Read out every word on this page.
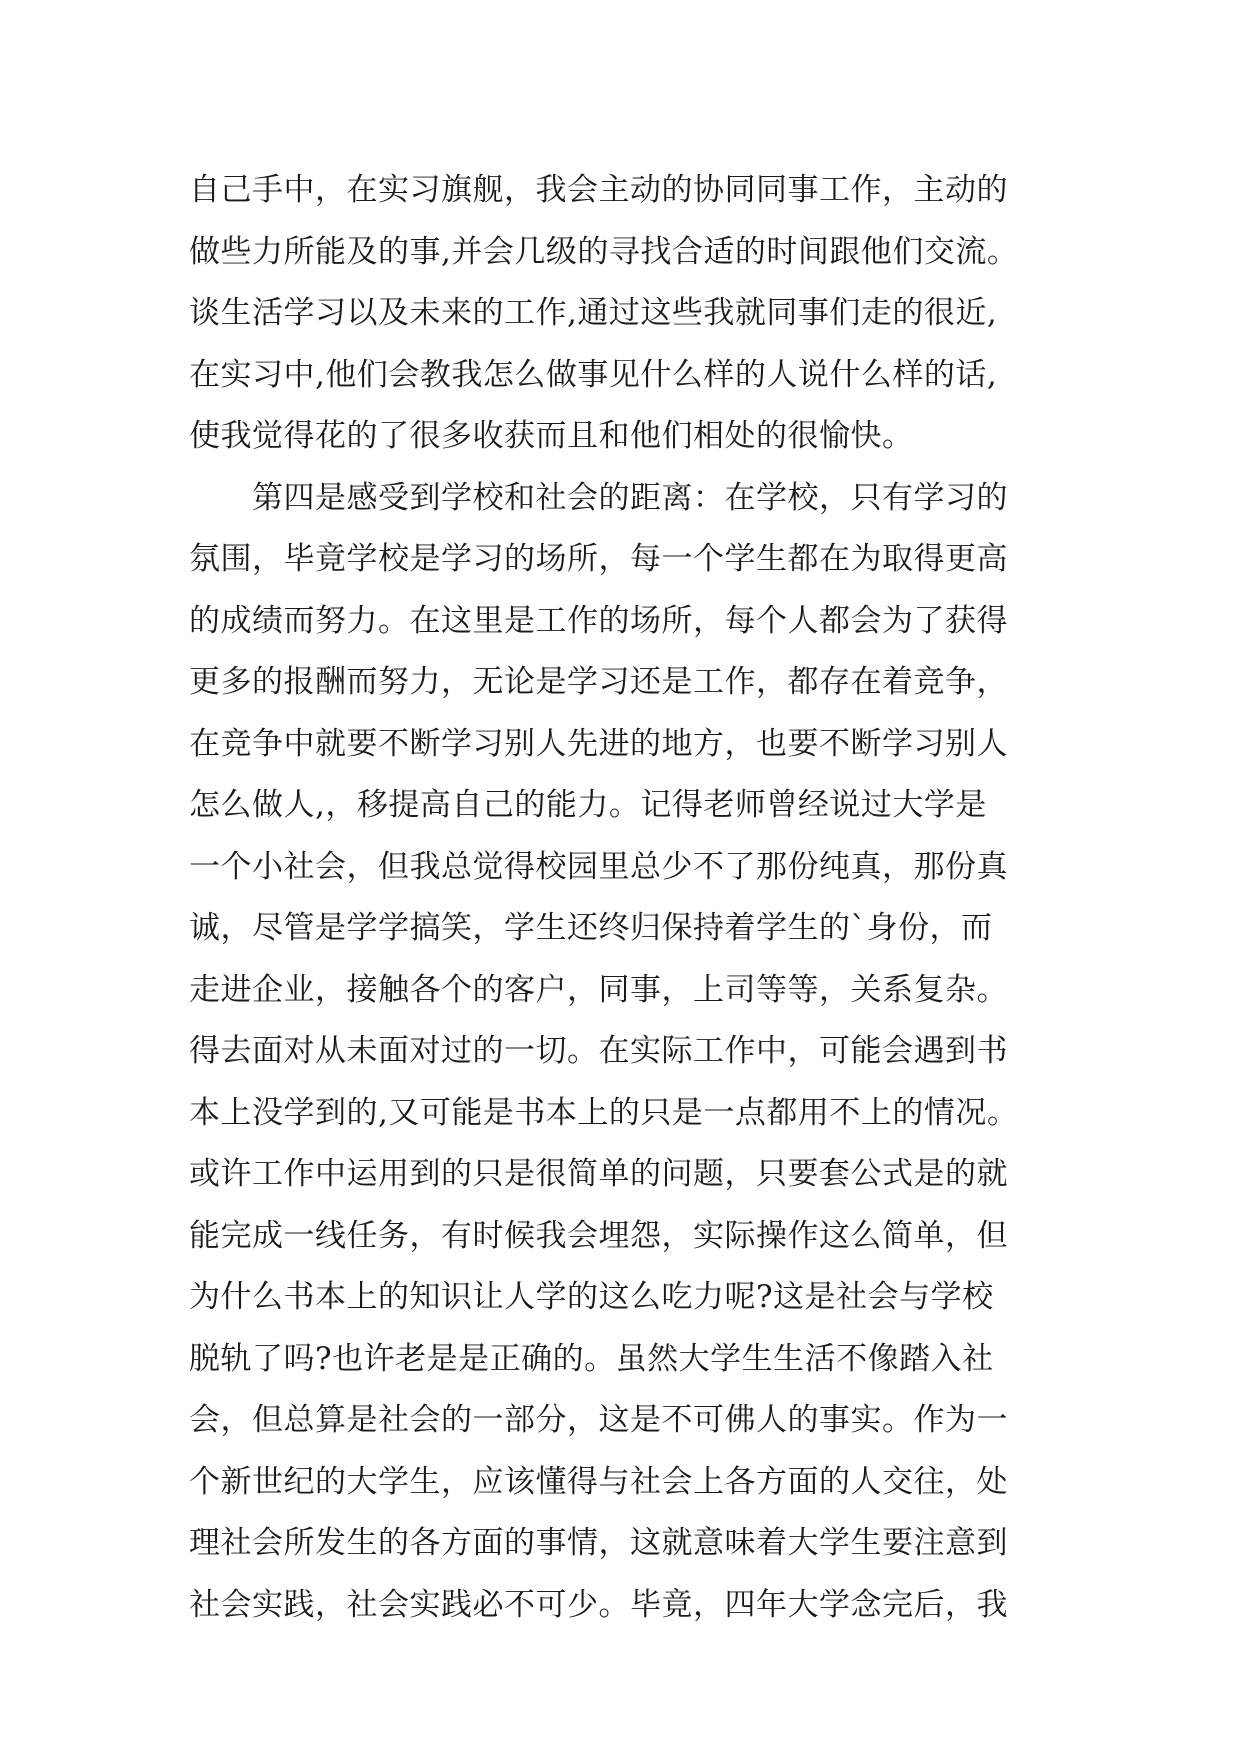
自己手中，在实习旗舰，我会主动的协同同事工作，主动的
做些力所能及的事,并会几级的寻找合适的时间跟他们交流。
谈生活学习以及未来的工作,通过这些我就同事们走的很近,
在实习中,他们会教我怎么做事见什么样的人说什么样的话,
使我觉得花的了很多收获而且和他们相处的很愉快。
　　第四是感受到学校和社会的距离：在学校，只有学习的
氛围，毕竟学校是学习的场所，每一个学生都在为取得更高
的成绩而努力。在这里是工作的场所，每个人都会为了获得
更多的报酬而努力，无论是学习还是工作，都存在着竞争，
在竞争中就要不断学习别人先进的地方，也要不断学习别人
怎么做人,，移提高自己的能力。记得老师曾经说过大学是
一个小社会，但我总觉得校园里总少不了那份纯真，那份真
诚，尽管是学学搞笑，学生还终归保持着学生的`身份，而
走进企业，接触各个的客户，同事，上司等等，关系复杂。
得去面对从未面对过的一切。在实际工作中，可能会遇到书
本上没学到的,又可能是书本上的只是一点都用不上的情况。
或许工作中运用到的只是很简单的问题，只要套公式是的就
能完成一线任务，有时候我会埋怨，实际操作这么简单，但
为什么书本上的知识让人学的这么吃力呢?这是社会与学校
脱轨了吗?也许老是是正确的。虽然大学生生活不像踏入社
会，但总算是社会的一部分，这是不可佛人的事实。作为一
个新世纪的大学生，应该懂得与社会上各方面的人交往，处
理社会所发生的各方面的事情，这就意味着大学生要注意到
社会实践，社会实践必不可少。毕竟，四年大学念完后，我
